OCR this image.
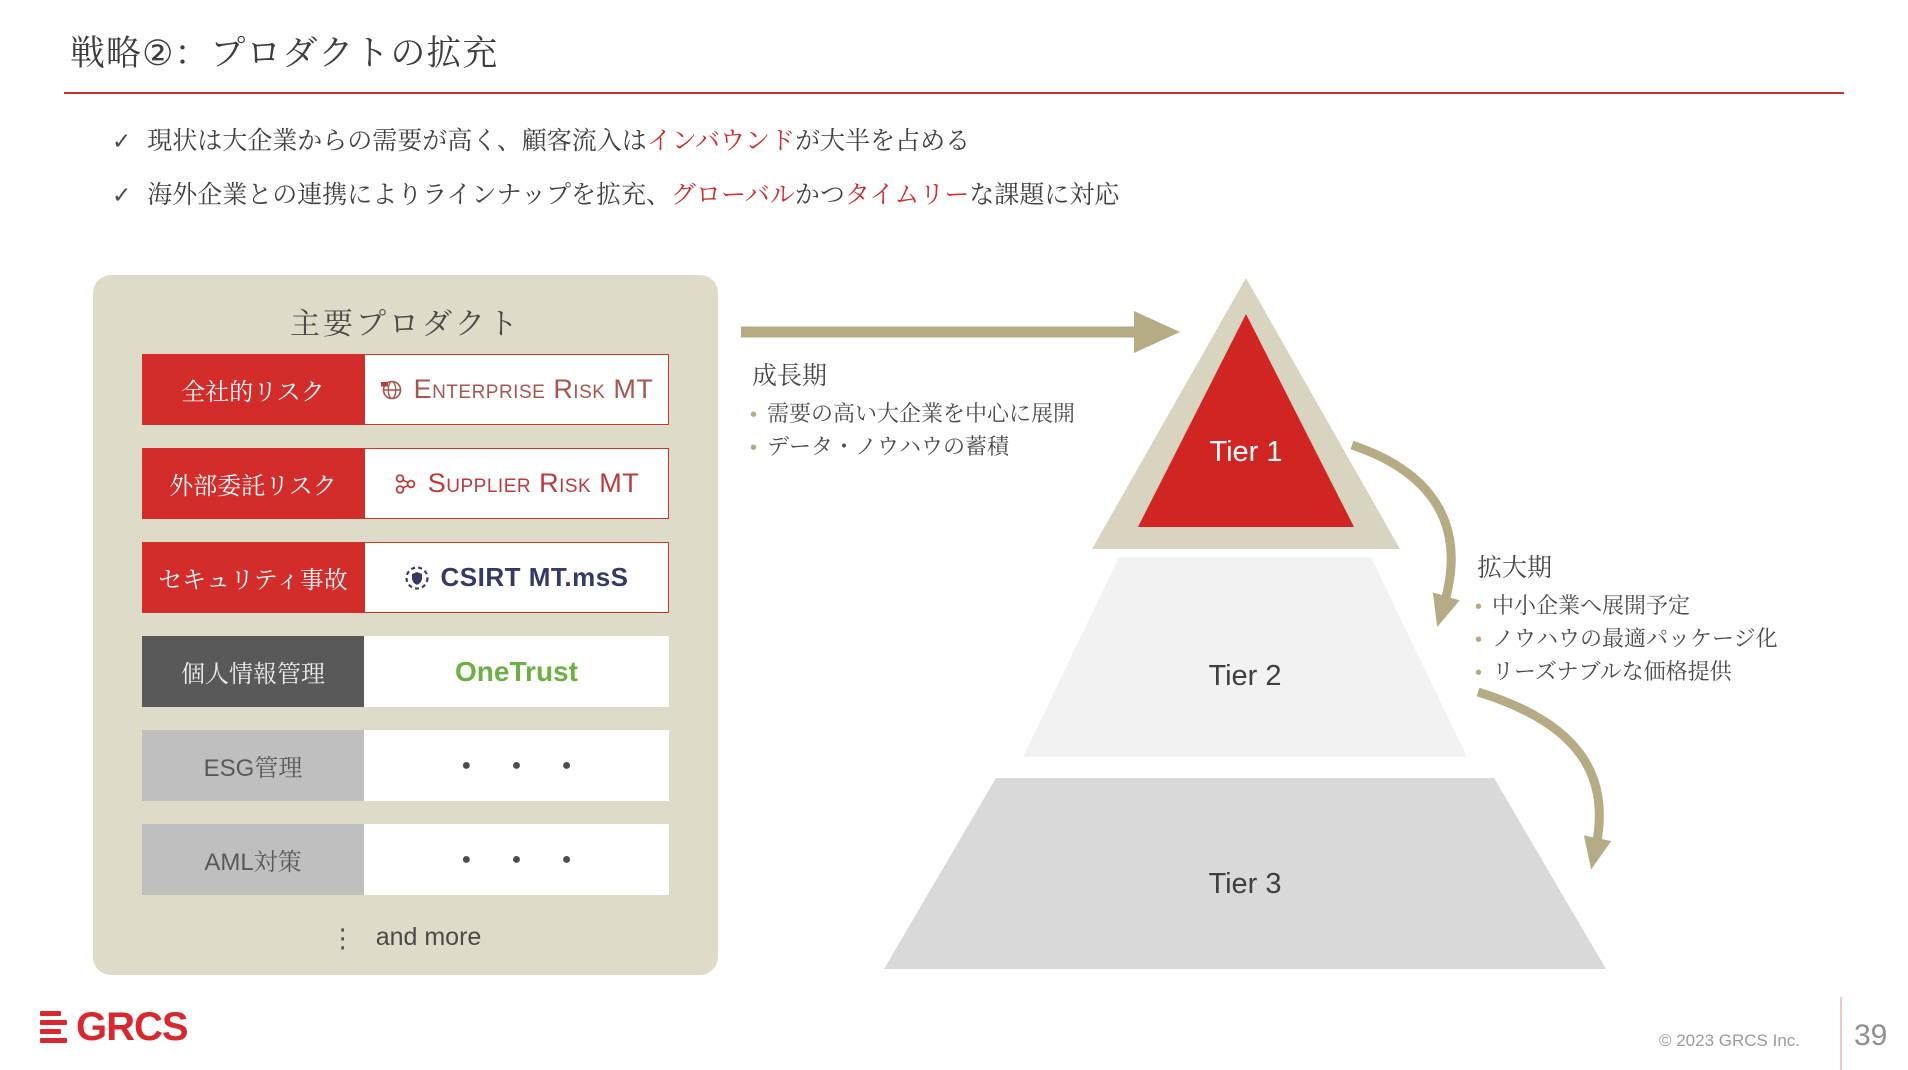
戦略②：プロダクトの拡充
✓ 現状は大企業からの需要が高く、顧客流入はインバウンドが大半を占める
✓ 海外企業との連携によりラインナップを拡充、グローバルかつタイムリーな課題に対応
主要プロダクト
全社的リスク	Enterprise Risk MT
外部委託リスク	Supplier Risk MT
セキュリティ事故	CSIRT MT.msS
個人情報管理	OneTrust
ESG管理	● ● ●
AML対策	● ● ●
⋮ and more
成長期
• 需要の高い大企業を中心に展開
• データ・ノウハウの蓄積
拡大期
• 中小企業へ展開予定
• ノウハウの最適パッケージ化
• リーズナブルな価格提供
Tier 1
Tier 2
Tier 3
GRCS	© 2023 GRCS Inc. 39
